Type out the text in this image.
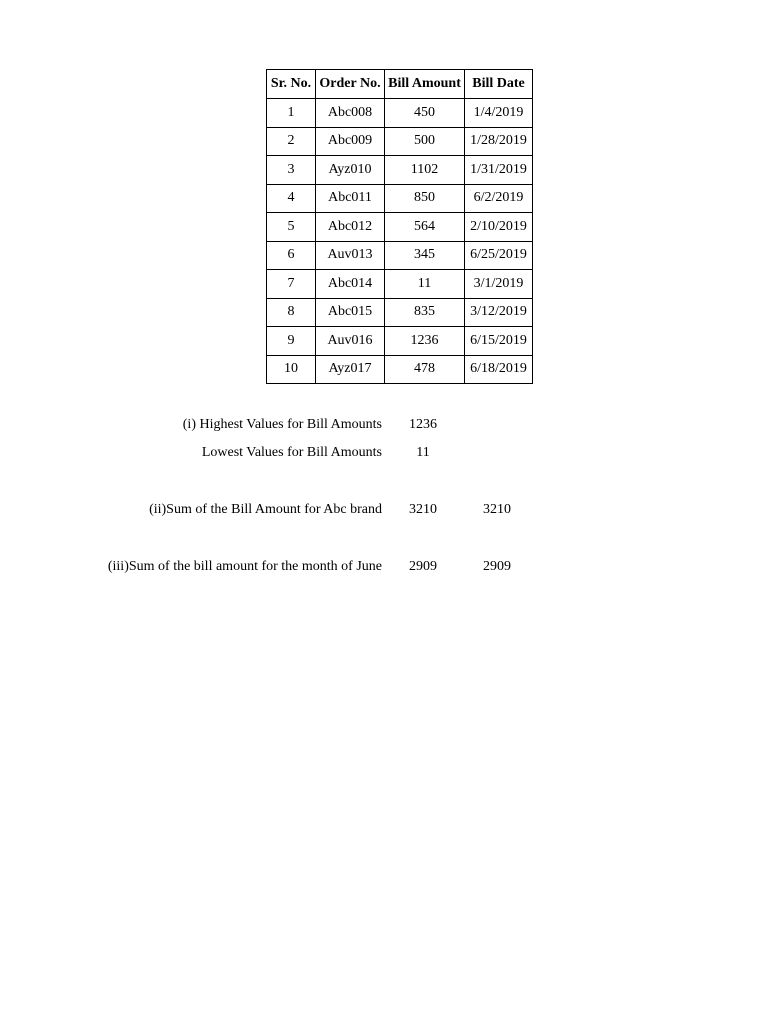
Sr. No.	Order No.	Bill Amount	Bill Date
1	Abc008	450	1/4/2019
2	Abc009	500	1/28/2019
3	Ayz010	1102	1/31/2019
4	Abc011	850	6/2/2019
5	Abc012	564	2/10/2019
6	Auv013	345	6/25/2019
7	Abc014	11	3/1/2019
8	Abc015	835	3/12/2019
9	Auv016	1236	6/15/2019
10	Ayz017	478	6/18/2019
(i) Highest Values for Bill Amounts	1236
Lowest Values for Bill Amounts	11
(ii)Sum of the Bill Amount for Abc brand	3210	3210
(iii)Sum of the bill amount for the month of June	2909	2909
